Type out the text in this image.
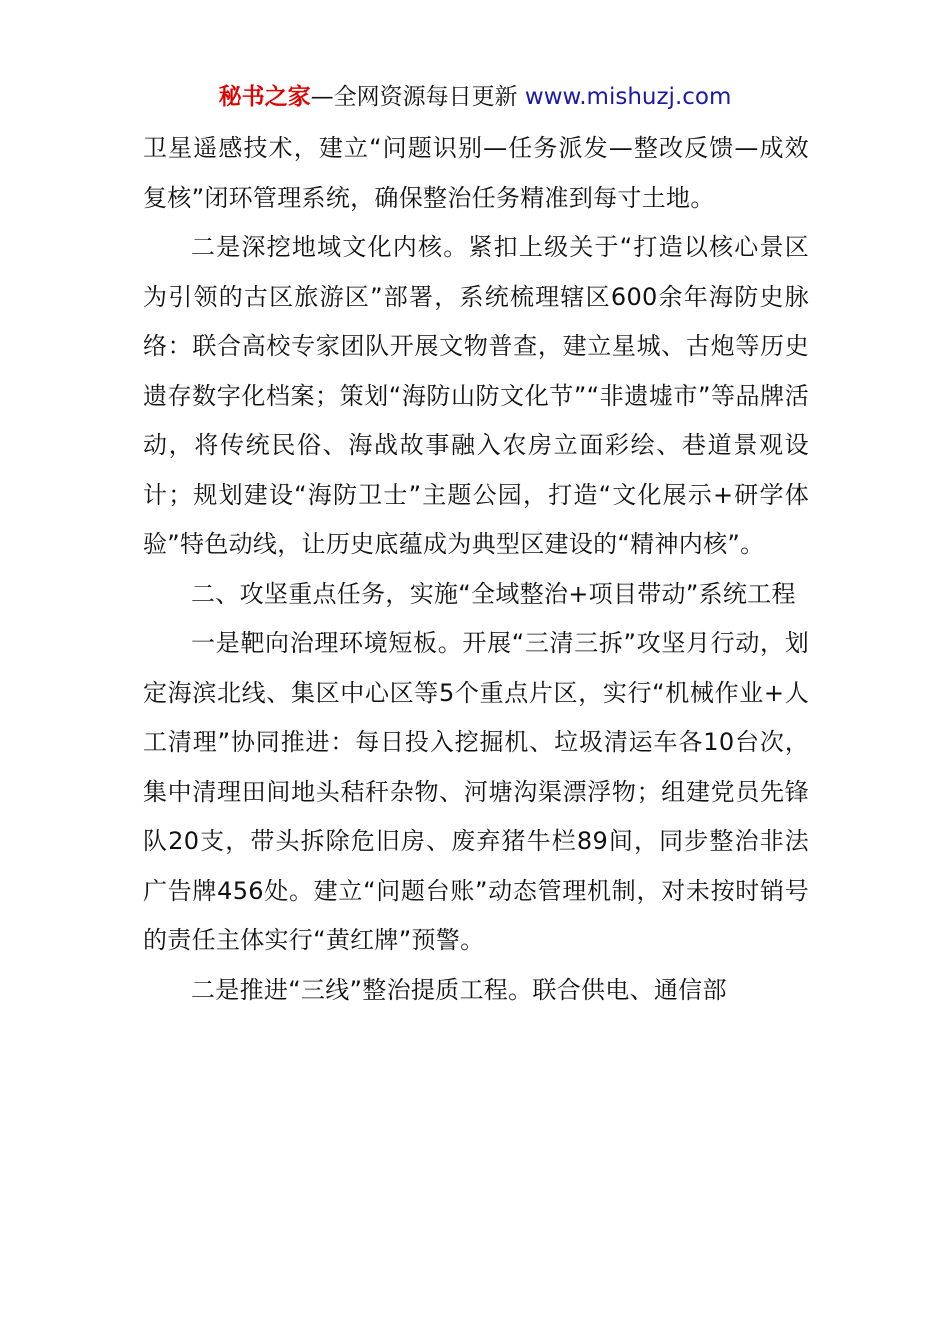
秘书之家—全网资源每日更新 www.mishuzj.com

卫星遥感技术，建立“问题识别—任务派发—整改反馈—成效复核”闭环管理系统，确保整治任务精准到每寸土地。

二是深挖地域文化内核。紧扣上级关于“打造以核心景区为引领的古区旅游区”部署，系统梳理辖区600余年海防史脉络：联合高校专家团队开展文物普查，建立星城、古炮等历史遗存数字化档案；策划“海防山防文化节”“非遗墟市”等品牌活动，将传统民俗、海战故事融入农房立面彩绘、巷道景观设计；规划建设“海防卫士”主题公园，打造“文化展示+研学体验”特色动线，让历史底蕴成为典型区建设的“精神内核”。

二、攻坚重点任务，实施“全域整治+项目带动”系统工程

一是靶向治理环境短板。开展“三清三拆”攻坚月行动，划定海滨北线、集区中心区等5个重点片区，实行“机械作业+人工清理”协同推进：每日投入挖掘机、垃圾清运车各10台次，集中清理田间地头秸秆杂物、河塘沟渠漂浮物；组建党员先锋队20支，带头拆除危旧房、废弃猪牛栏89间，同步整治非法广告牌456处。建立“问题台账”动态管理机制，对未按时销号的责任主体实行“黄红牌”预警。

二是推进“三线”整治提质工程。联合供电、通信部
